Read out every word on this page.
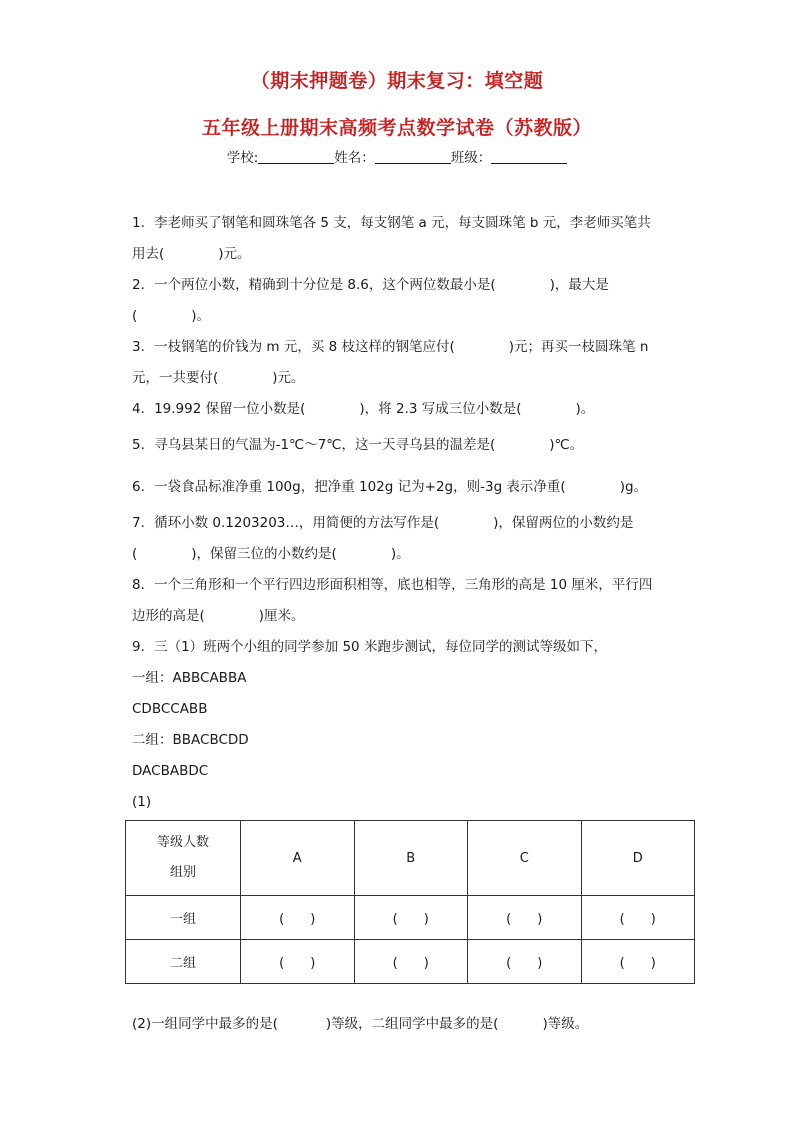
（期末押题卷）期末复习：填空题
五年级上册期末高频考点数学试卷（苏教版）
学校:	姓名：	班级：

1．李老师买了钢笔和圆珠笔各 5 支，每支钢笔 a 元，每支圆珠笔 b 元，李老师买笔共

用去(	)元。

2．一个两位小数，精确到十分位是 8.6，这个两位数最小是(	)，最大是

(	)。

3．一枝钢笔的价钱为 m 元，买 8 枝这样的钢笔应付(	)元；再买一枝圆珠笔 n

元，一共要付(	)元。

4．19.992 保留一位小数是(	)，将 2.3 写成三位小数是(	)。

5．寻乌县某日的气温为-1℃～7℃，这一天寻乌县的温差是(	)℃。

6．一袋食品标准净重 100g，把净重 102g 记为+2g，则-3g 表示净重(	)g。

7．循环小数 0.1203203…，用简便的方法写作是(	)，保留两位的小数约是

(	)，保留三位的小数约是(	)。

8．一个三角形和一个平行四边形面积相等，底也相等，三角形的高是 10 厘米，平行四

边形的高是(	)厘米。

9．三（1）班两个小组的同学参加 50 米跑步测试，每位同学的测试等级如下，

一组：ABBCABBA

CDBCCABB

二组：BBACBCDD

DACBABDC

(1)

等级人数
组别	A	B	C	D
一组	(　　)	(　　)	(　　)	(　　)
二组	(　　)	(　　)	(　　)	(　　)
(2)一组同学中最多的是(	)等级，二组同学中最多的是(	)等级。
